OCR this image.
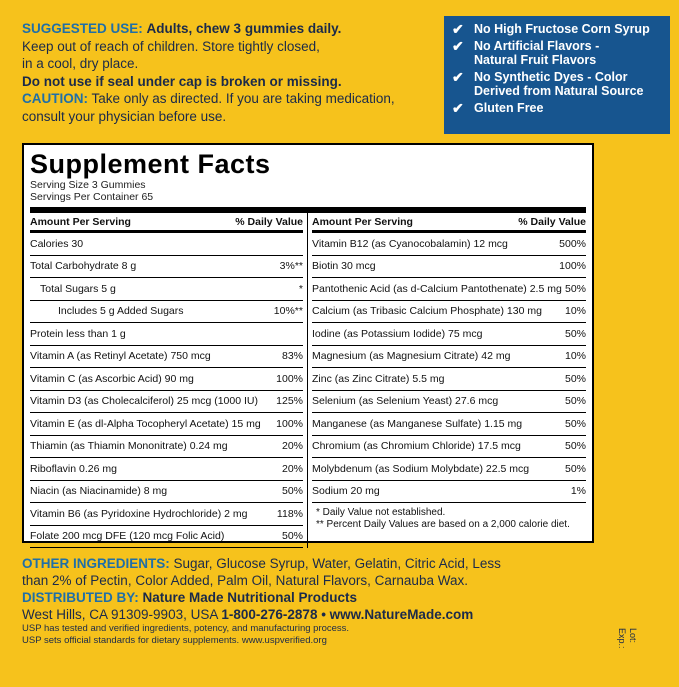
SUGGESTED USE: Adults, chew 3 gummies daily.
Keep out of reach of children. Store tightly closed,
in a cool, dry place.
Do not use if seal under cap is broken or missing.
CAUTION: Take only as directed. If you are taking medication,
consult your physician before use.
✔ No High Fructose Corn Syrup
✔ No Artificial Flavors -
Natural Fruit Flavors
✔ No Synthetic Dyes - Color
Derived from Natural Source
✔ Gluten Free
Supplement Facts
Serving Size 3 Gummies
Servings Per Container 65
Amount Per Serving	% Daily Value
Calories 30
Total Carbohydrate 8 g	3%**
Total Sugars 5 g	*
Includes 5 g Added Sugars	10%**
Protein less than 1 g
Vitamin A (as Retinyl Acetate) 750 mcg	83%
Vitamin C (as Ascorbic Acid) 90 mg	100%
Vitamin D3 (as Cholecalciferol) 25 mcg (1000 IU) 125%
Vitamin E (as dl-Alpha Tocopheryl Acetate) 15 mg 100%
Thiamin (as Thiamin Mononitrate) 0.24 mg	20%
Riboflavin 0.26 mg	20%
Niacin (as Niacinamide) 8 mg	50%
Vitamin B6 (as Pyridoxine Hydrochloride) 2 mg	118%
Folate 200 mcg DFE (120 mcg Folic Acid)	50%
Amount Per Serving	% Daily Value
Vitamin B12 (as Cyanocobalamin) 12 mcg	500%
Biotin 30 mcg	100%
Pantothenic Acid (as d-Calcium Pantothenate) 2.5 mg 50%
Calcium (as Tribasic Calcium Phosphate) 130 mg 10%
Iodine (as Potassium Iodide) 75 mcg	50%
Magnesium (as Magnesium Citrate) 42 mg	10%
Zinc (as Zinc Citrate) 5.5 mg	50%
Selenium (as Selenium Yeast) 27.6 mcg	50%
Manganese (as Manganese Sulfate) 1.15 mg	50%
Chromium (as Chromium Chloride) 17.5 mcg	50%
Molybdenum (as Sodium Molybdate) 22.5 mcg	50%
Sodium 20 mg	1%
* Daily Value not established.
** Percent Daily Values are based on a 2,000 calorie diet.
OTHER INGREDIENTS: Sugar, Glucose Syrup, Water, Gelatin, Citric Acid, Less
than 2% of Pectin, Color Added, Palm Oil, Natural Flavors, Carnauba Wax.
DISTRIBUTED BY: Nature Made Nutritional Products
West Hills, CA 91309-9903, USA 1-800-276-2878 • www.NatureMade.com
USP has tested and verified ingredients, potency, and manufacturing process.
USP sets official standards for dietary supplements. www.uspverified.org	Lot:
Exp.:
